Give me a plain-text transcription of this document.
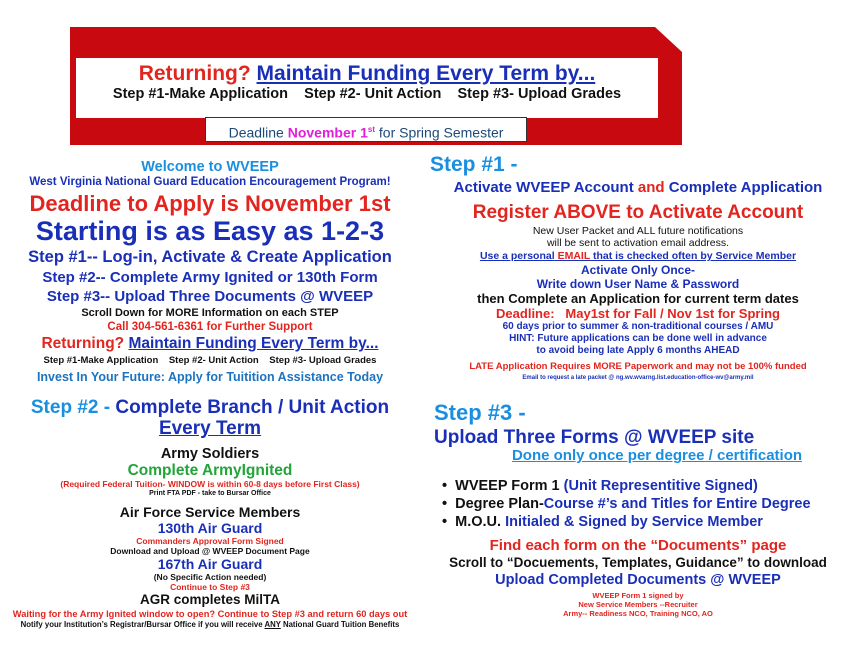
Returning? Maintain Funding Every Term by...
Step #1-Make Application Step #2- Unit Action Step #3- Upload Grades
Deadline November 1st for Spring Semester

Welcome to WVEEP

West Virginia National Guard Education Encouragement Program!

Deadline to Apply is November 1st

Starting is as Easy as 1-2-3

Step #1-- Log-in, Activate & Create Application

Step #2-- Complete Army Ignited or 130th Form

Step #3-- Upload Three Documents @ WVEEP

Scroll Down for MORE Information on each STEP

Call 304-561-6361 for Further Support

Returning? Maintain Funding Every Term by...
Step #1-Make Application Step #2- Unit Action Step #3- Upload Grades

Invest In Your Future: Apply for Tuitition Assistance Today

Step #1 -

Activate WVEEP Account and Complete Application

Register ABOVE to Activate Account

New User Packet and ALL future notifications

will be sent to activation email address.

Use a personal EMAIL that is checked often by Service Member

Activate Only Once-

Write down User Name & Password

then Complete an Application for current term dates

Deadline: May1st for Fall / Nov 1st for Spring

60 days prior to summer & non-traditional courses / AMU

HINT: Future applications can be done well in advance

to avoid being late Apply 6 months AHEAD

LATE Application Requires MORE Paperwork and may not be 100% funded

Email to request a late packet @ ng.wv.wvarng.list.education-office-wv@army.mil

Step #2 - Complete Branch / Unit Action

Every Term

Army Soldiers

Complete ArmyIgnited

(Required Federal Tuition- WINDOW is within 60-8 days before First Class)

Print FTA PDF - take to Bursar Office

Air Force Service Members

130th Air Guard

Commanders Approval Form Signed

Download and Upload @ WVEEP Document Page

167th Air Guard

(No Specific Action needed)

Continue to Step #3

AGR completes MilTA

Waiting for the Army Ignited window to open? Continue to Step #3 and return 60 days out

Notify your Institution’s Registrar/Bursar Office if you will receive ANY National Guard Tuition Benefits

Step #3 -

Upload Three Forms @ WVEEP site

Done only once per degree / certification

• WVEEP Form 1 (Unit Representitive Signed)
• Degree Plan-Course #’s and Titles for Entire Degree
• M.O.U. Initialed & Signed by Service Member

Find each form on the “Documents” page

Scroll to “Docuements, Templates, Guidance” to download

Upload Completed Documents @ WVEEP

WVEEP Form 1 signed by

New Service Members --Recruiter

Army-- Readiness NCO, Training NCO, AO
